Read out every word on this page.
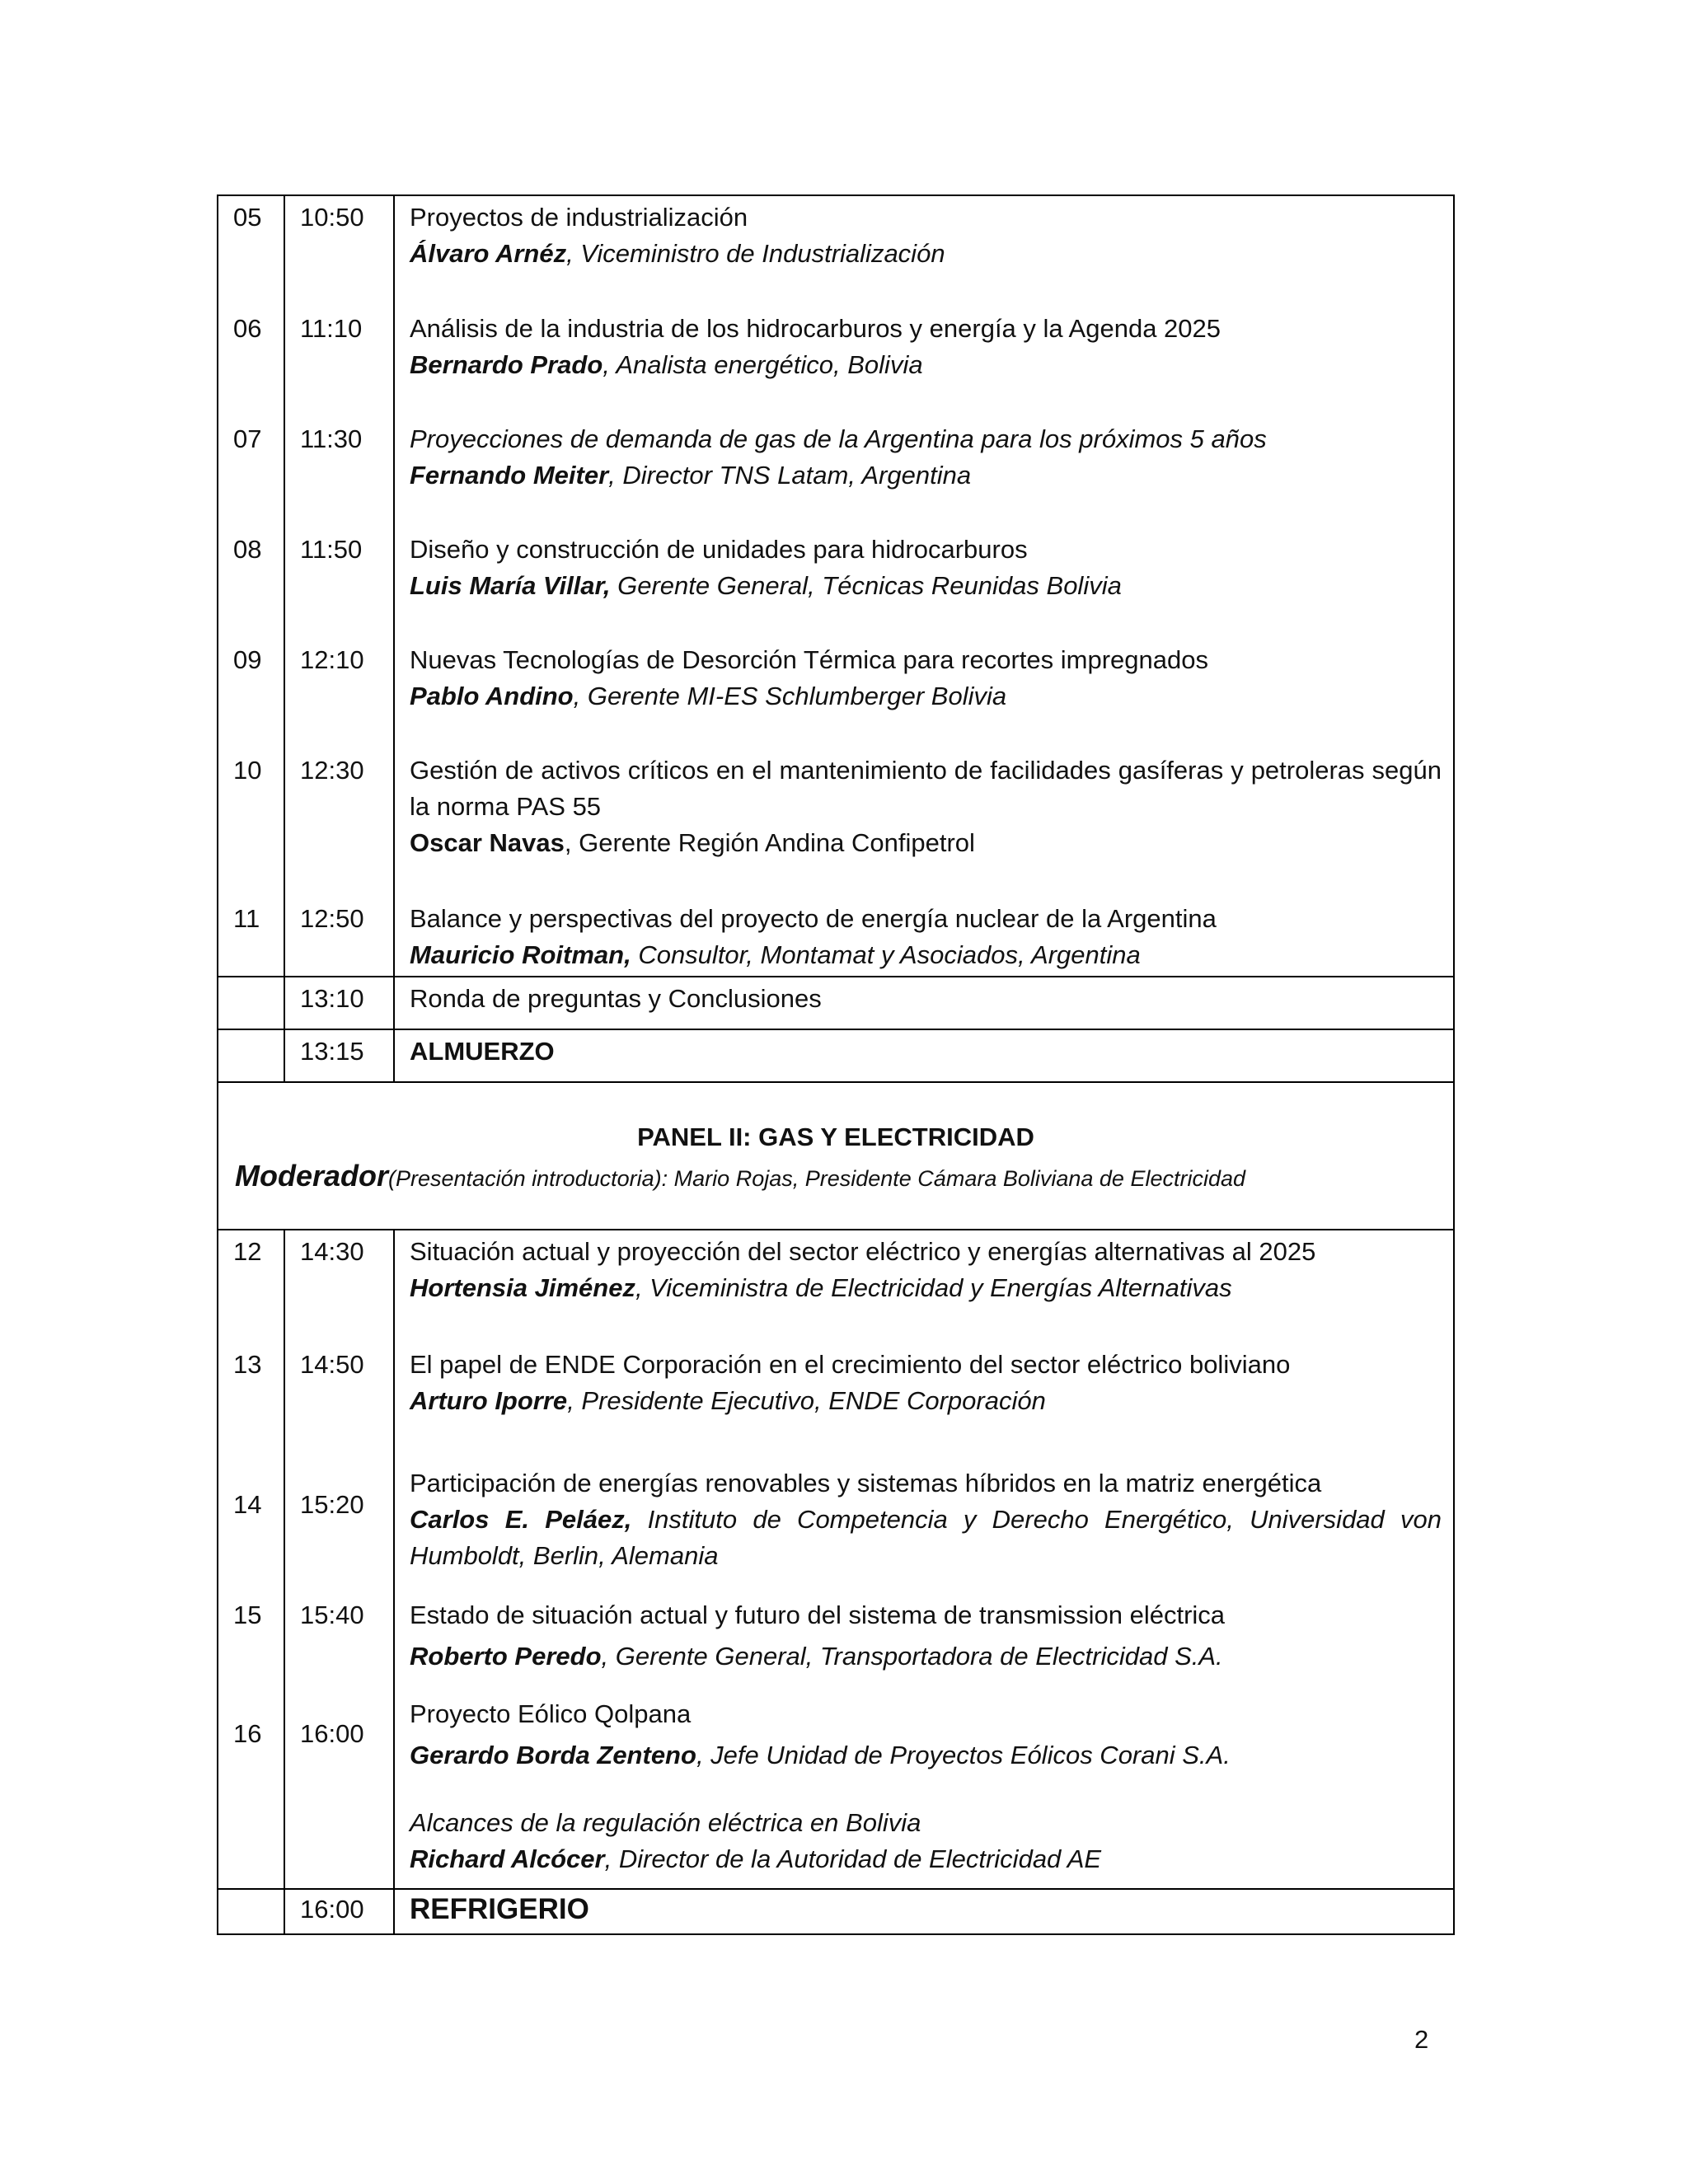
05	10:50	Proyectos de industrialización
Álvaro Arnéz, Viceministro de Industrialización

06	11:10	Análisis de la industria de los hidrocarburos y energía y la Agenda 2025
Bernardo Prado, Analista energético, Bolivia

07	11:30	Proyecciones de demanda de gas de la Argentina para los próximos 5 años
Fernando Meiter, Director TNS Latam, Argentina

08	11:50	Diseño y construcción de unidades para hidrocarburos
Luis María Villar, Gerente General, Técnicas Reunidas Bolivia

09	12:10	Nuevas Tecnologías de Desorción Térmica para recortes impregnados
Pablo Andino, Gerente MI-ES Schlumberger Bolivia

10	12:30	Gestión de activos críticos en el mantenimiento de facilidades gasíferas y petroleras según la norma PAS 55
Oscar Navas, Gerente Región Andina Confipetrol

11	12:50	Balance y perspectivas del proyecto de energía nuclear de la Argentina
Mauricio Roitman, Consultor, Montamat y Asociados, Argentina

	13:10	Ronda de preguntas y Conclusiones
	13:15	ALMUERZO

PANEL II: GAS Y ELECTRICIDAD
Moderador(Presentación introductoria): Mario Rojas, Presidente Cámara Boliviana de Electricidad		

12	14:30	Situación actual y proyección del sector eléctrico y energías alternativas al 2025
Hortensia Jiménez, Viceministra de Electricidad y Energías Alternativas

13	14:50	El papel de ENDE Corporación en el crecimiento del sector eléctrico boliviano
Arturo Iporre, Presidente Ejecutivo, ENDE Corporación

14	15:20	Participación de energías renovables y sistemas híbridos en la matriz energética
Carlos E. Peláez, Instituto de Competencia y Derecho Energético, Universidad von Humboldt, Berlin, Alemania

15	15:40	Estado de situación actual y futuro del sistema de transmission eléctrica
Roberto Peredo, Gerente General, Transportadora de Electricidad S.A.

16	16:00	Proyecto Eólico Qolpana
Gerardo Borda Zenteno, Jefe Unidad de Proyectos Eólicos Corani S.A.
Alcances de la regulación eléctrica en Bolivia
Richard Alcócer, Director de la Autoridad de Electricidad AE

	16:00	REFRIGERIO
2
